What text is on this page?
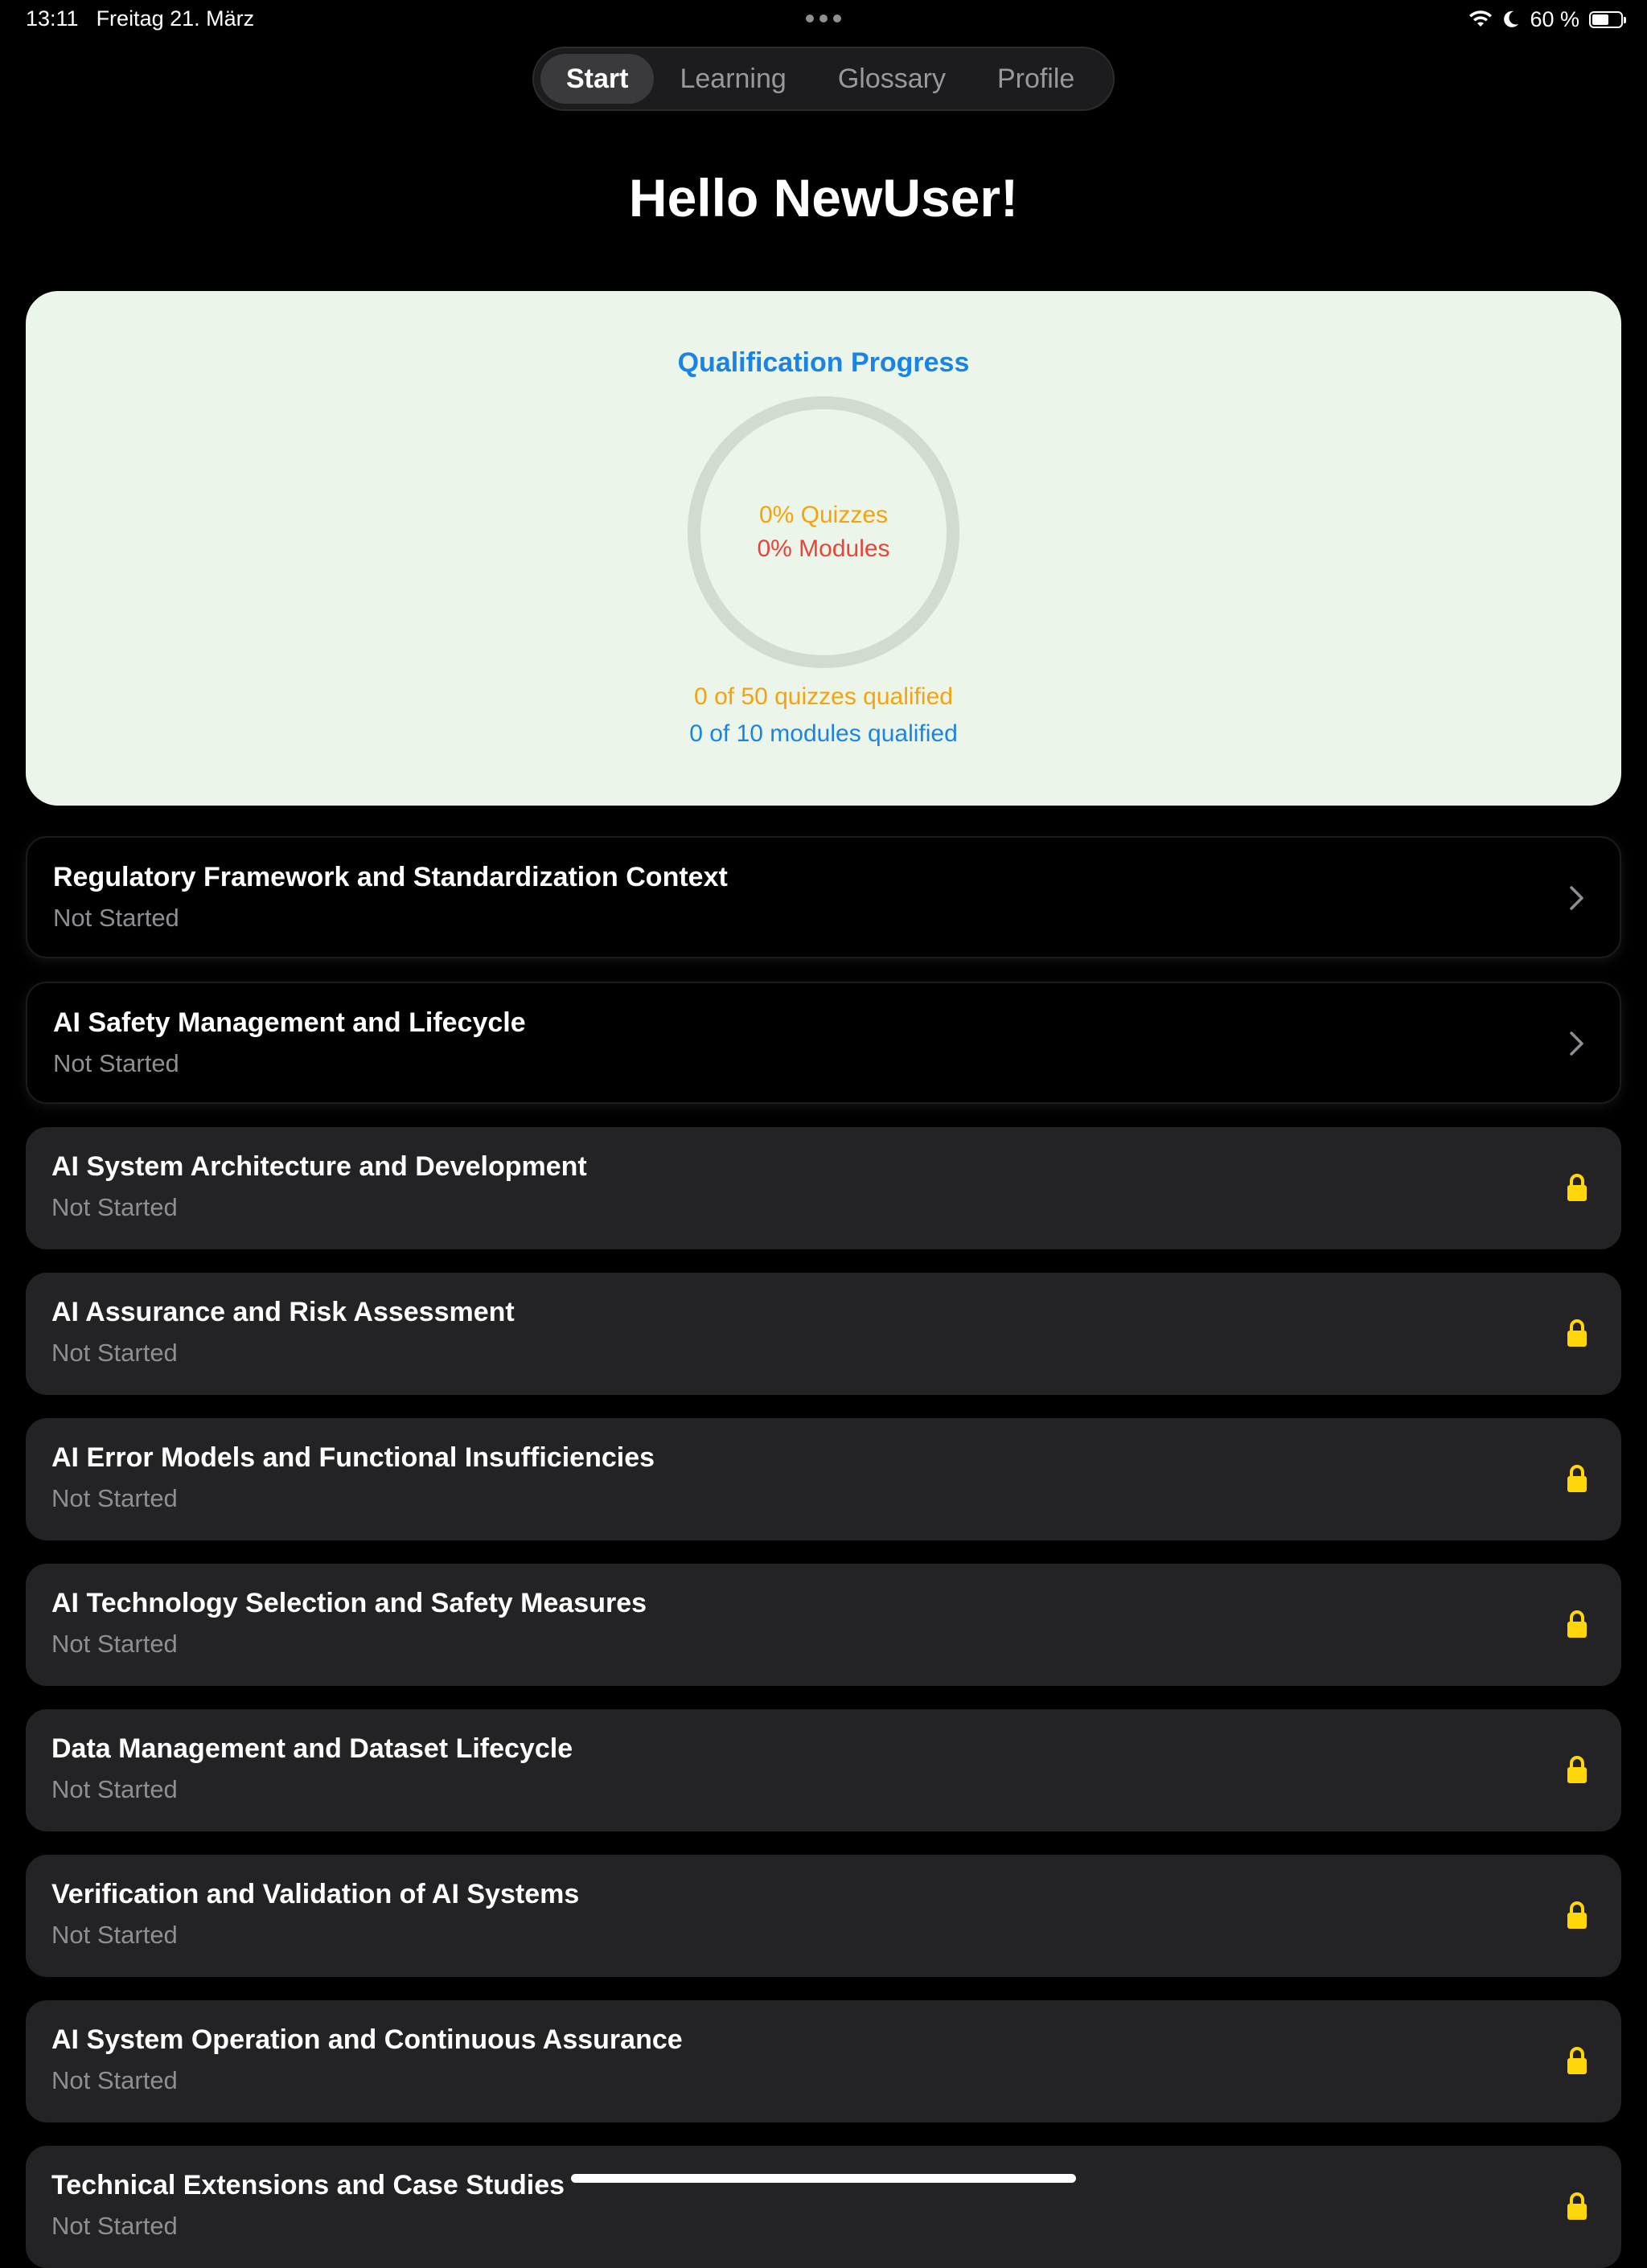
13:11 Freitag 21. März	60 %
Start	Learning	Glossary	Profile
Hello NewUser!
Qualification Progress
0% Quizzes
0% Modules
0 of 50 quizzes qualified
0 of 10 modules qualified
Regulatory Framework and Standardization Context
Not Started
AI Safety Management and Lifecycle
Not Started
AI System Architecture and Development
Not Started
AI Assurance and Risk Assessment
Not Started
AI Error Models and Functional Insufficiencies
Not Started
AI Technology Selection and Safety Measures
Not Started
Data Management and Dataset Lifecycle
Not Started
Verification and Validation of AI Systems
Not Started
AI System Operation and Continuous Assurance
Not Started
Technical Extensions and Case Studies
Not Started
